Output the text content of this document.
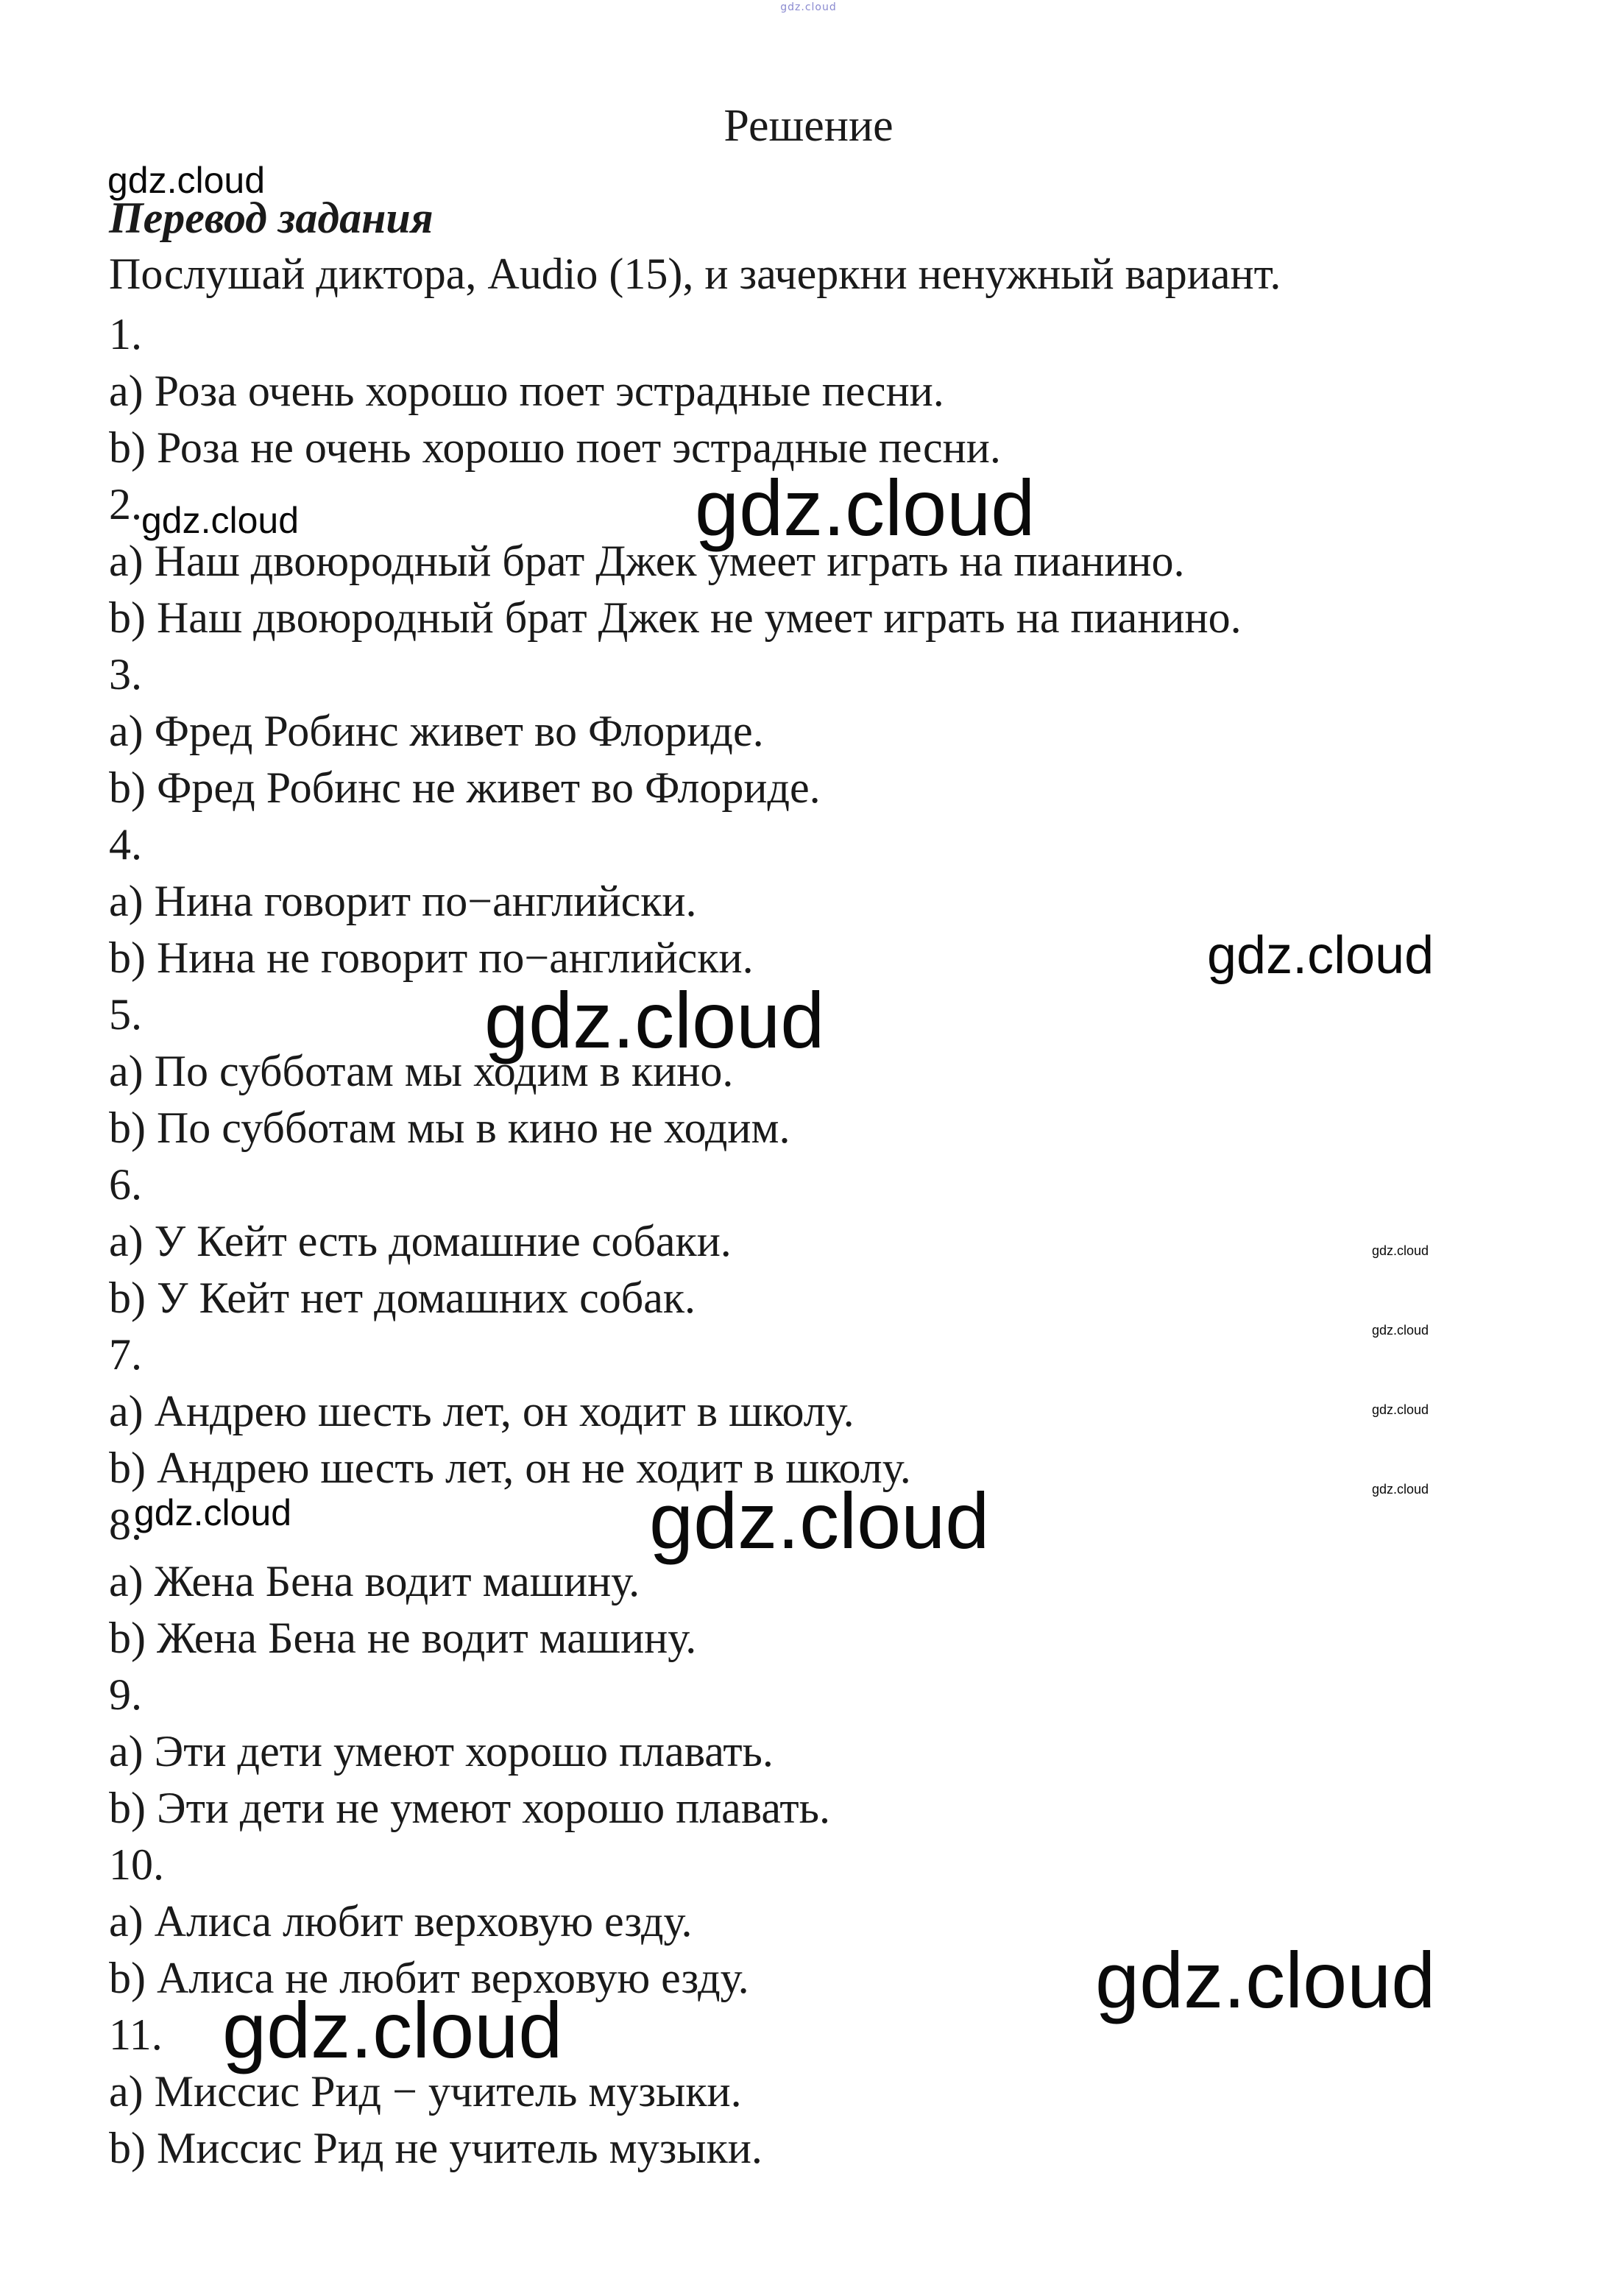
gdz.cloud
Решение
Перевод задания
Послушай диктора, Audio (15), и зачеркни ненужный вариант.
1.
a) Роза очень хорошо поет эстрадные песни.
b) Роза не очень хорошо поет эстрадные песни.
2.
a) Наш двоюродный брат Джек умеет играть на пианино.
b) Наш двоюродный брат Джек не умеет играть на пианино.
3.
a) Фред Робинс живет во Флориде.
b) Фред Робинс не живет во Флориде.
4.
a) Нина говорит по−английски.
b) Нина не говорит по−английски.
5.
a) По субботам мы ходим в кино.
b) По субботам мы в кино не ходим.
6.
a) У Кейт есть домашние собаки.
b) У Кейт нет домашних собак.
7.
a) Андрею шесть лет, он ходит в школу.
b) Андрею шесть лет, он не ходит в школу.
8.
a) Жена Бена водит машину.
b) Жена Бена не водит машину.
9.
a) Эти дети умеют хорошо плавать.
b) Эти дети не умеют хорошо плавать.
10.
a) Алиса любит верховую езду.
b) Алиса не любит верховую езду.
11.
a) Миссис Рид − учитель музыки.
b) Миссис Рид не учитель музыки.
gdz.cloud
gdz.cloud	gdz.cloud
gdz.cloud
gdz.cloud
gdz.cloud
gdz.cloud
gdz.cloud
gdz.cloud
gdz.cloud	gdz.cloud
gdz.cloud
gdz.cloud
